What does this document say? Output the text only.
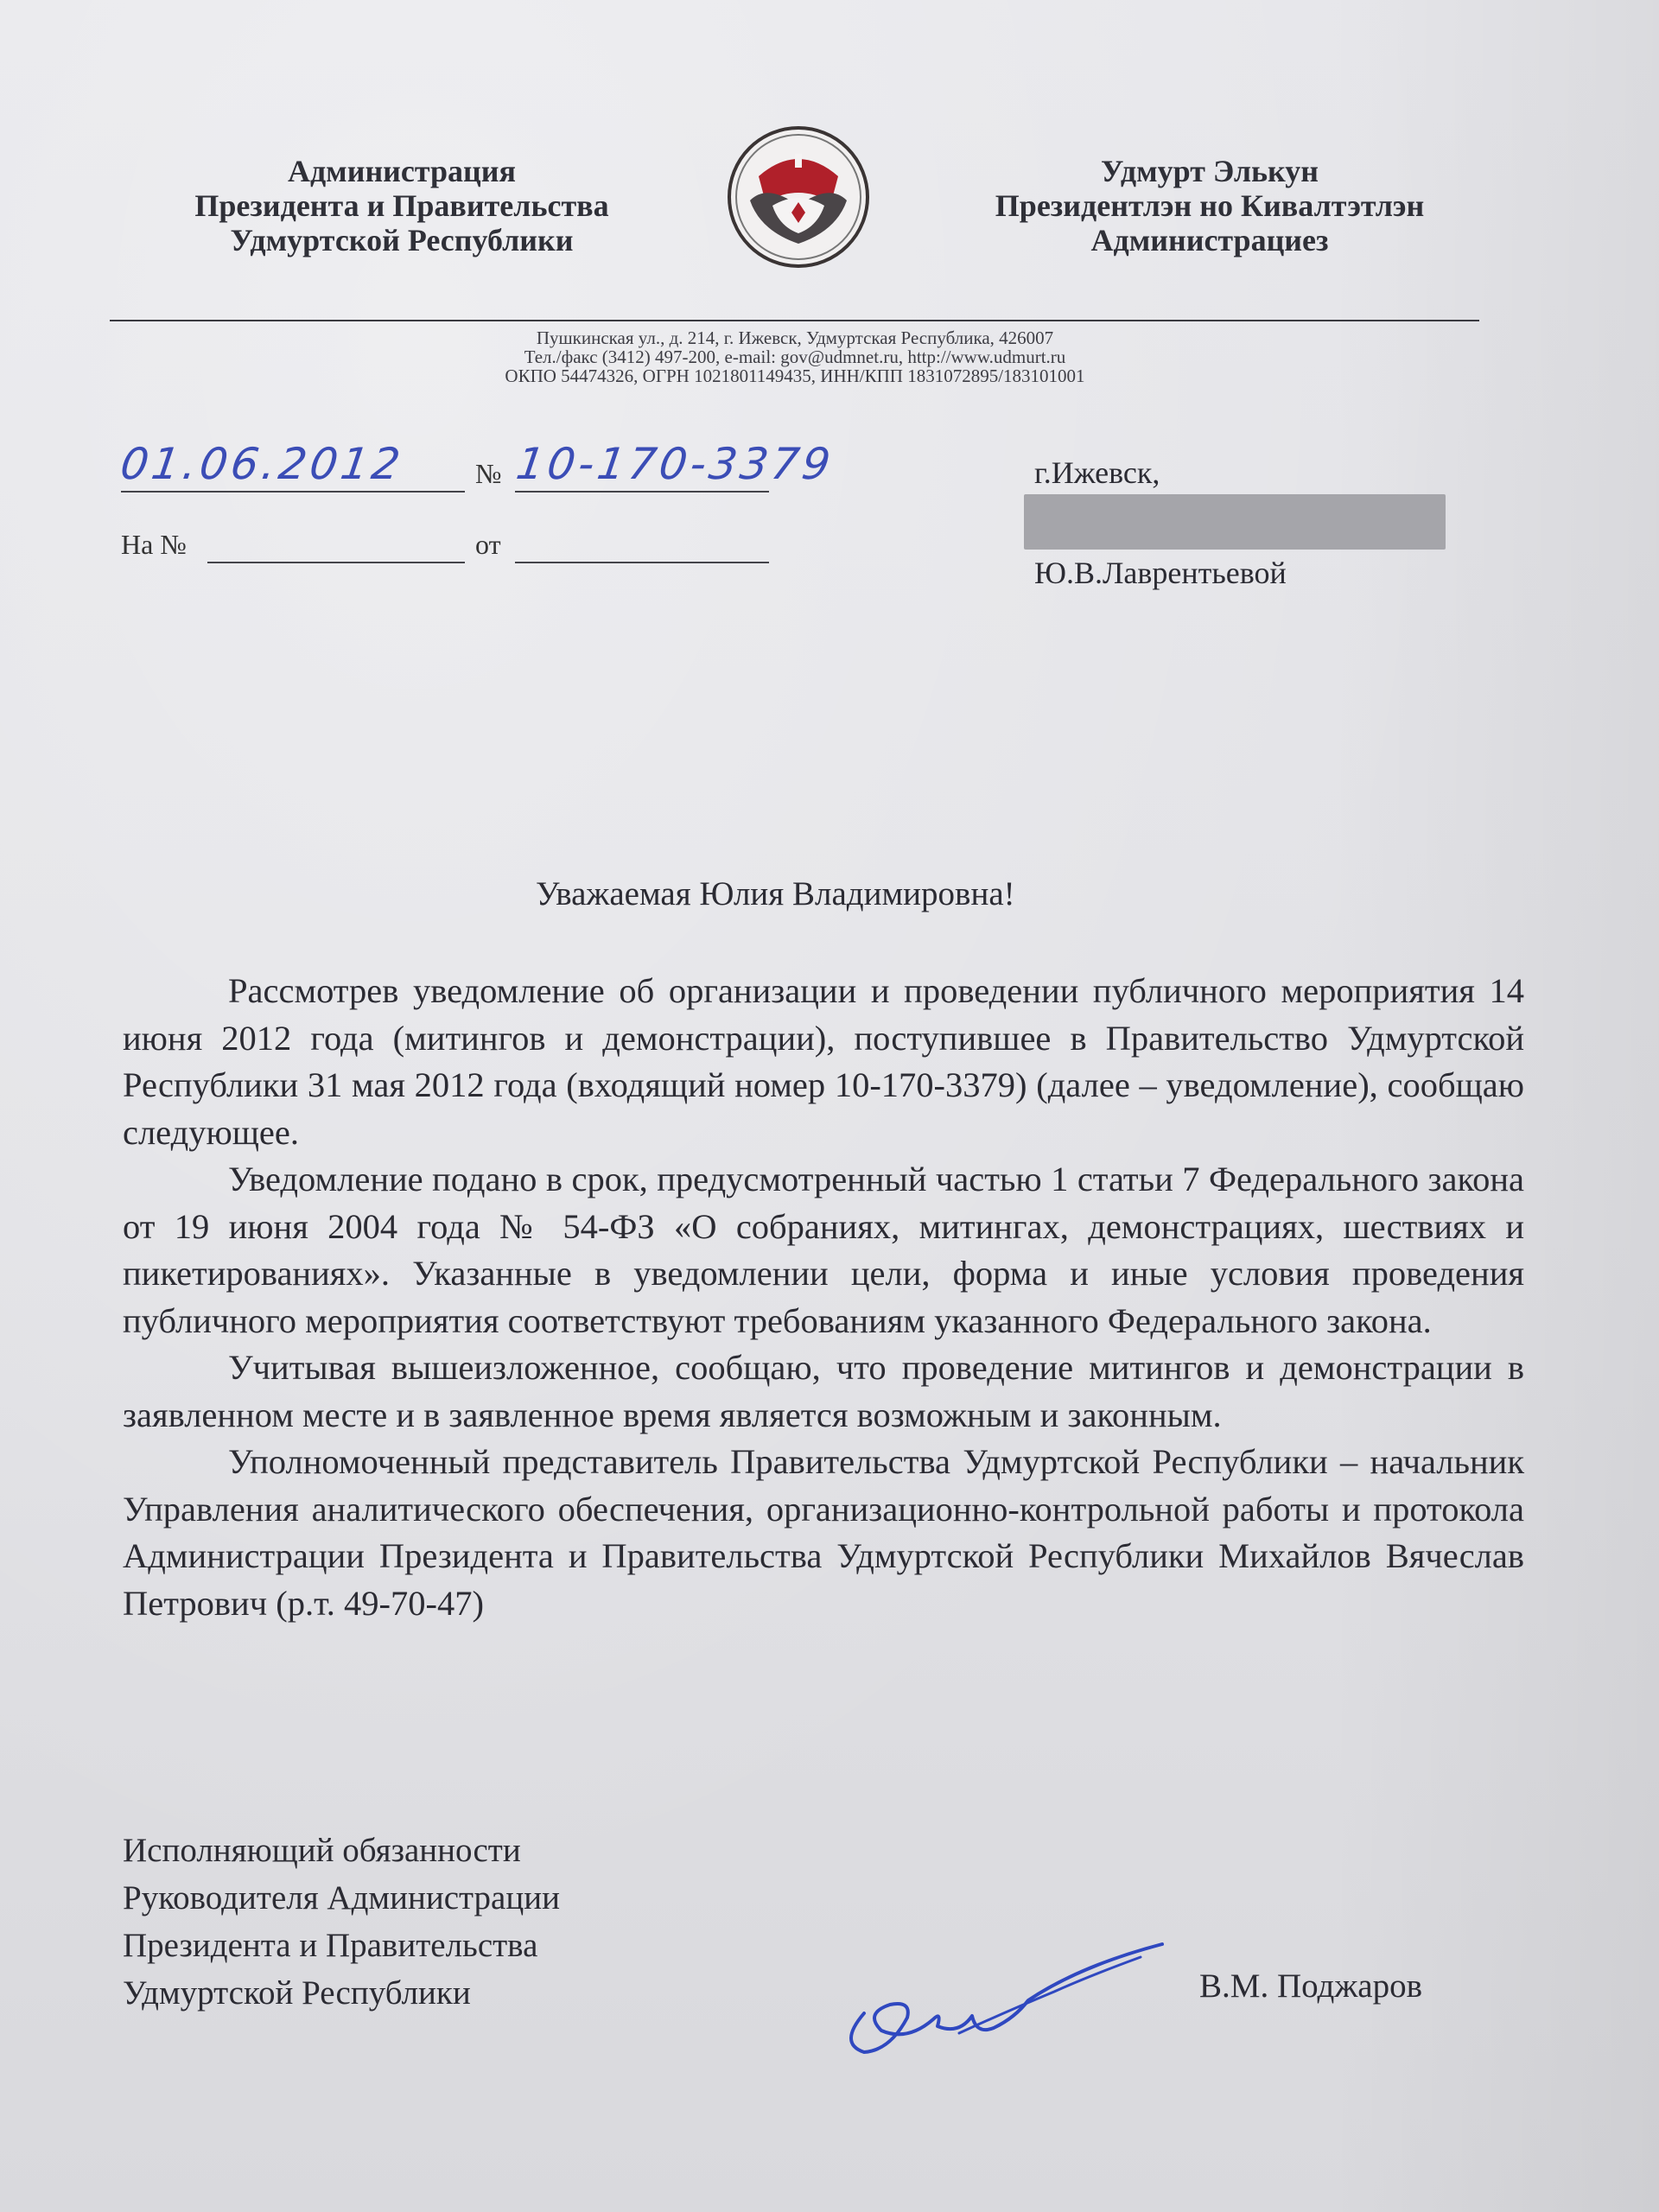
Администрация
Президента и Правительства
Удмуртской Республики
Удмурт Элькун
Президентлэн но Кивалтэтлэн
Администрациез
Пушкинская ул., д. 214, г. Ижевск, Удмуртская Республика, 426007
Тел./факс (3412) 497-200, e-mail: gov@udmnet.ru, http://www.udmurt.ru
ОКПО 54474326, ОГРН 1021801149435, ИНН/КПП 1831072895/183101001
01.06.2012 № 10-170-3379
На №	от
г.Ижевск,
Ю.В.Лаврентьевой
Уважаемая Юлия Владимировна!

Рассмотрев уведомление об организации и проведении публичного мероприятия 14 июня 2012 года (митингов и демонстрации), поступившее в Правительство Удмуртской Республики 31 мая 2012 года (входящий номер 10-170-3379) (далее – уведомление), сообщаю следующее.

Уведомление подано в срок, предусмотренный частью 1 статьи 7 Федерального закона от 19 июня 2004 года № 54-ФЗ «О собраниях, митингах, демонстрациях, шествиях и пикетированиях». Указанные в уведомлении цели, форма и иные условия проведения публичного мероприятия соответствуют требованиям указанного Федерального закона.

Учитывая вышеизложенное, сообщаю, что проведение митингов и демонстрации в заявленном месте и в заявленное время является возможным и законным.

Уполномоченный представитель Правительства Удмуртской Республики – начальник Управления аналитического обеспечения, организационно-контрольной работы и протокола Администрации Президента и Правительства Удмуртской Республики Михайлов Вячеслав Петрович (р.т. 49-70-47)

Исполняющий обязанности
Руководителя Администрации
Президента и Правительства
Удмуртской Республики	В.М. Поджаров
